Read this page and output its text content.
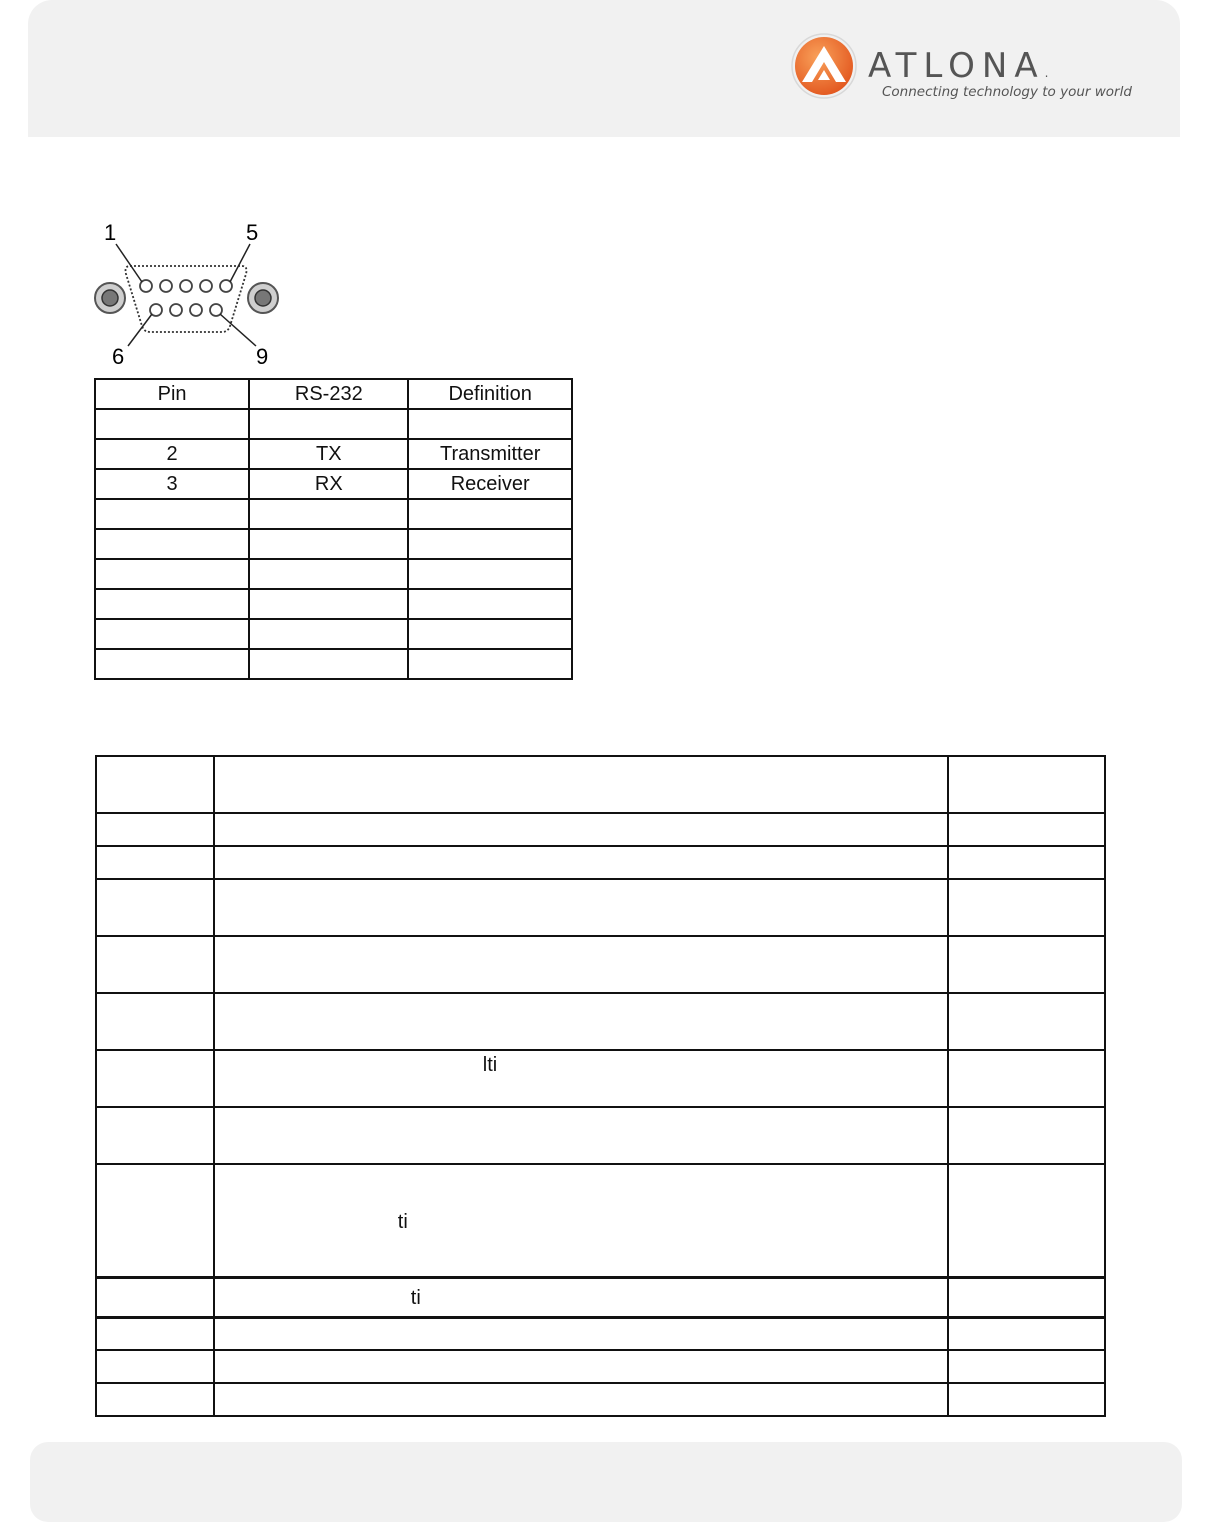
ATLONA.
Connecting technology to your world
1	5
6	9
Pin	RS-232	Definition

2	TX	Transmitter
3	RX	Receiver

	lti	

	ti	

	ti	
